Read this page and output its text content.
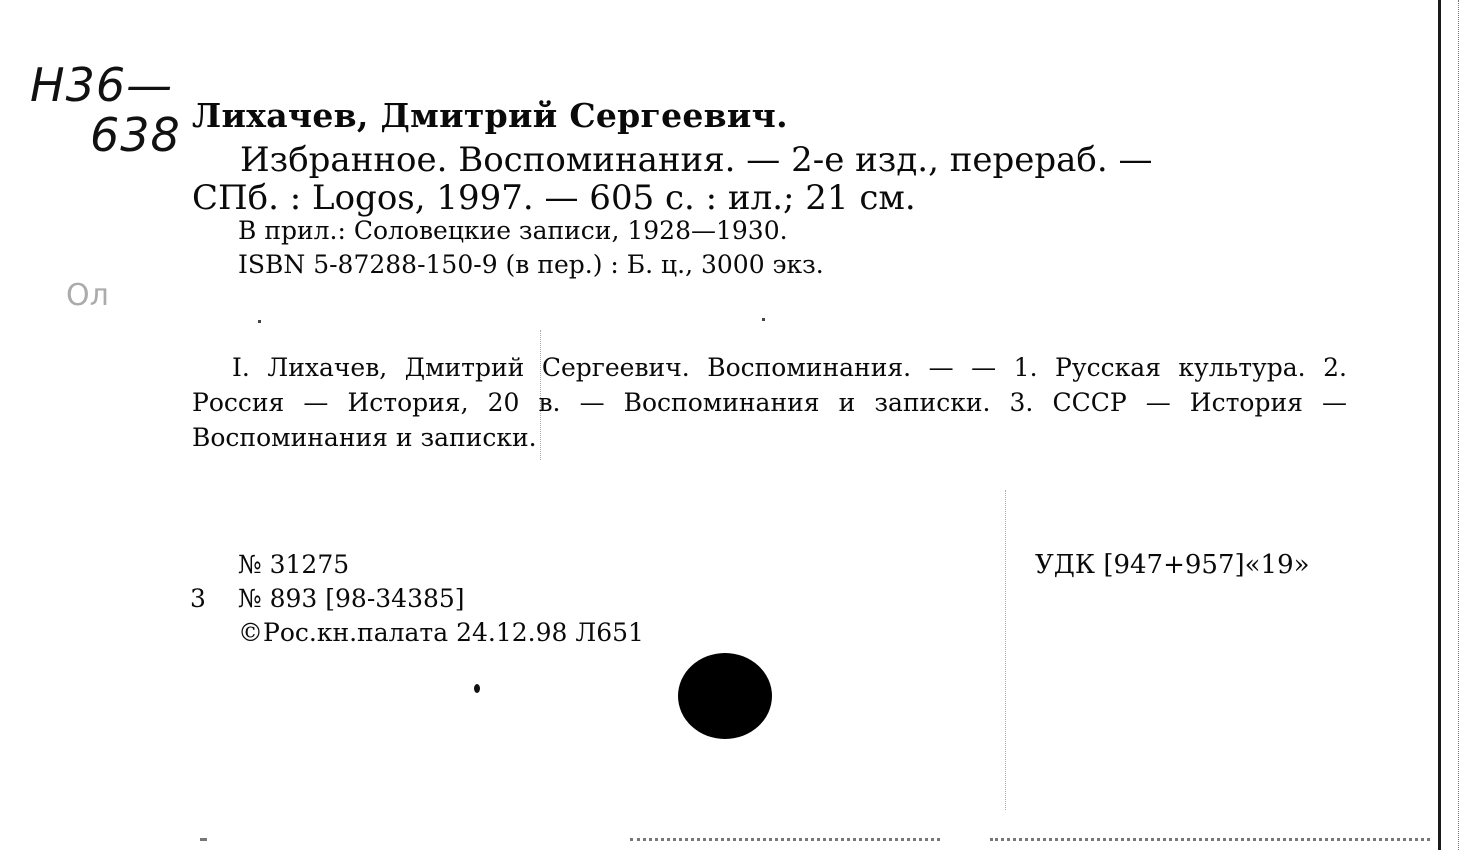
Н36—
638
Ол
Лихачев, Дмитрий Сергеевич.
Избранное. Воспоминания. — 2-е изд., перераб. —
СПб. : Logos, 1997. — 605 с. : ил.; 21 см.
В прил.: Соловецкие записи, 1928—1930.
ISBN 5-87288-150-9 (в пер.) : Б. ц., 3000 экз.
I. Лихачев, Дмитрий Сергеевич. Воспоминания. — — 1. Русская культура. 2. Россия — История, 20 в. — Воспоминания и записки. 3. СССР — История — Воспоминания и записки.
№ 31275
3 № 893 [98-34385]
©Рос.кн.палата 24.12.98 Л651
УДК [947+957]«19»
